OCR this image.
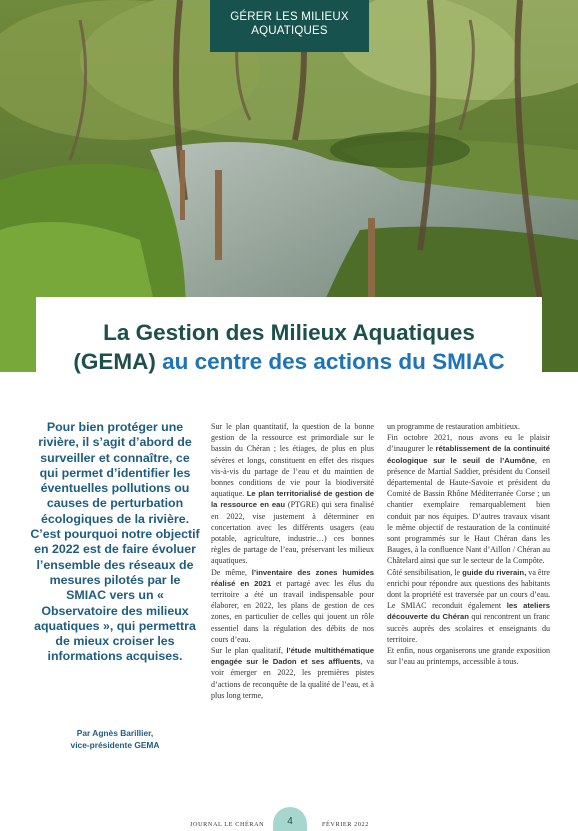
GÉRER LES MILIEUX
AQUATIQUES
La Gestion des Milieux Aquatiques
(GEMA) au centre des actions du SMIAC
Pour bien protéger une rivière, il s’agit d’abord de surveiller et connaître, ce qui permet d’identifier les éventuelles pollutions ou causes de perturbation écologiques de la rivière. C’est pourquoi notre objectif en 2022 est de faire évoluer l’ensemble des réseaux de mesures pilotés par le SMIAC vers un « Observatoire des milieux aquatiques », qui permettra de mieux croiser les informations acquises.
Par Agnès Barillier,
vice-présidente GEMA

Sur le plan quantitatif, la question de la bonne gestion de la ressource est primordiale sur le bassin du Chéran ; les étiages, de plus en plus sévères et longs, constituent en effet des risques vis-à-vis du partage de l’eau et du maintien de bonnes conditions de vie pour la biodiversité aquatique. Le plan territorialisé de gestion de la ressource en eau (PTGRE) qui sera finalisé en 2022, vise justement à déterminer en concertation avec les différents usagers (eau potable, agriculture, industrie…) ces bonnes règles de partage de l’eau, préservant les milieux aquatiques.

De même, l’inventaire des zones humides réalisé en 2021 et partagé avec les élus du territoire a été un travail indispensable pour élaborer, en 2022, les plans de gestion de ces zones, en particulier de celles qui jouent un rôle essentiel dans la régulation des débits de nos cours d’eau.

Sur le plan qualitatif, l’étude multithématique engagée sur le Dadon et ses affluents, va voir émerger en 2022, les premières pistes d’actions de reconquête de la qualité de l’eau, et à plus long terme,

un programme de restauration ambitieux.

Fin octobre 2021, nous avons eu le plaisir d’inaugurer le rétablissement de la continuité écologique sur le seuil de l’Aumône, en présence de Martial Saddier, président du Conseil départemental de Haute-Savoie et président du Comité de Bassin Rhône Méditerranée Corse ; un chantier exemplaire remarquablement bien conduit par nos équipes. D’autres travaux visant le même objectif de restauration de la continuité sont programmés sur le Haut Chéran dans les Bauges, à la confluence Nant d’Aillon / Chéran au Châtelard ainsi que sur le secteur de la Compôte.

Côté sensibilisation, le guide du riverain, va être enrichi pour répondre aux questions des habitants dont la propriété est traversée par un cours d’eau. Le SMIAC reconduit également les ateliers découverte du Chéran qui rencontrent un franc succès auprès des scolaires et enseignants du territoire.

Et enfin, nous organiserons une grande exposition sur l’eau au printemps, accessible à tous.

JOURNAL LE CHÉRAN	4	FÉVRIER 2022
